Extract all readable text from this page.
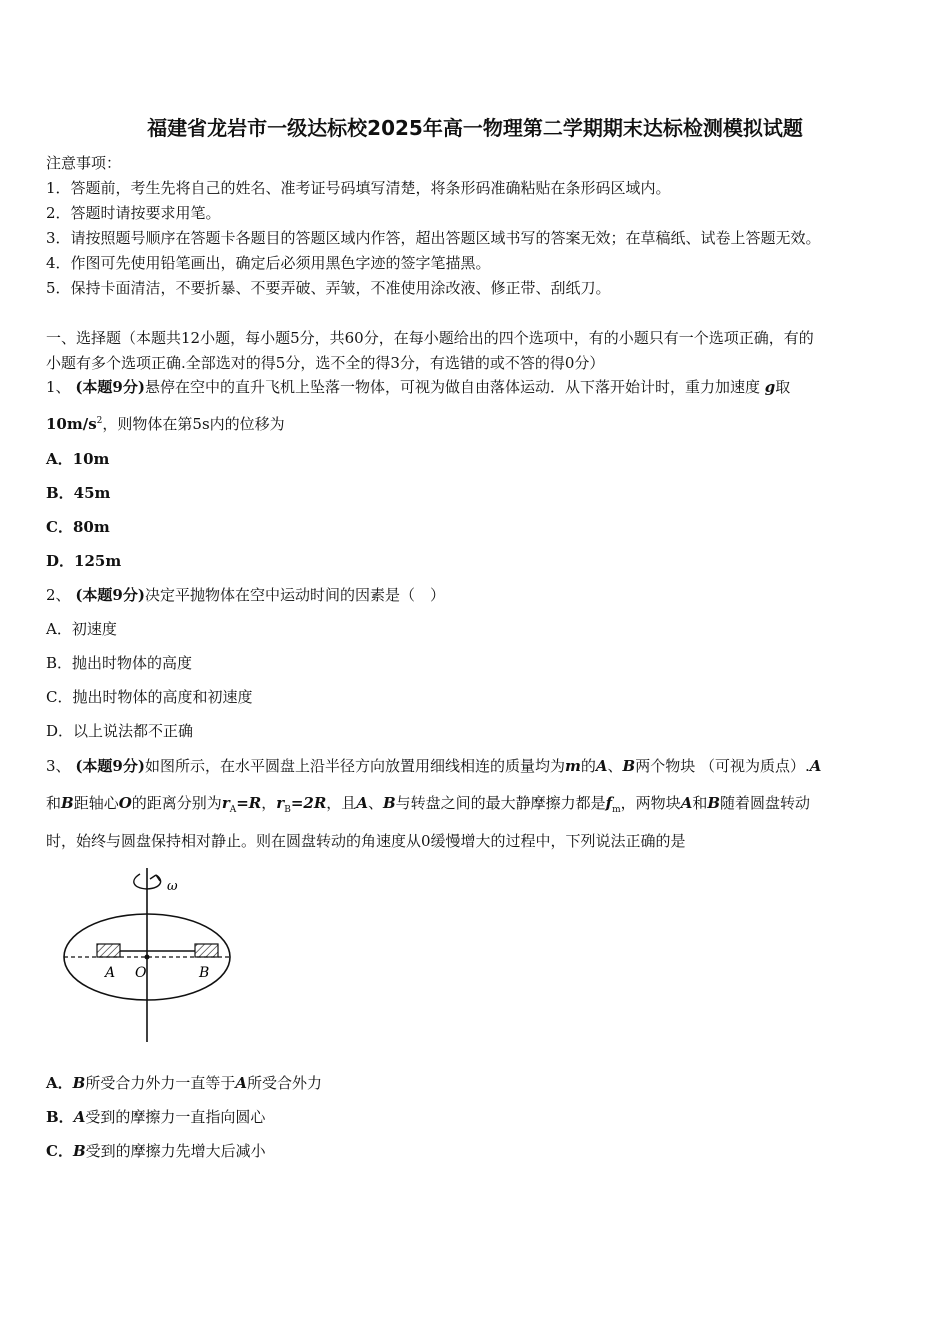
福建省龙岩市一级达标校2025年高一物理第二学期期末达标检测模拟试题
注意事项：
1．答题前，考生先将自己的姓名、准考证号码填写清楚，将条形码准确粘贴在条形码区域内。
2．答题时请按要求用笔。
3．请按照题号顺序在答题卡各题目的答题区域内作答，超出答题区域书写的答案无效；在草稿纸、试卷上答题无效。
4．作图可先使用铅笔画出，确定后必须用黑色字迹的签字笔描黑。
5．保持卡面清洁，不要折暴、不要弄破、弄皱，不准使用涂改液、修正带、刮纸刀。
一、选择题（本题共12小题，每小题5分，共60分，在每小题给出的四个选项中，有的小题只有一个选项正确，有的
小题有多个选项正确.全部选对的得5分，选不全的得3分，有选错的或不答的得0分）
1、 (本题9分)悬停在空中的直升飞机上坠落一物体，可视为做自由落体运动．从下落开始计时，重力加速度 g取
$10m/s^2$，则物体在第5s内的位移为
A．10m
B．45m
C．80m
D．125m
2、 (本题9分)决定平抛物体在空中运动时间的因素是（　）
A．初速度
B．抛出时物体的高度
C．抛出时物体的高度和初速度
D．以上说法都不正确
3、 (本题9分)如图所示，在水平圆盘上沿半径方向放置用细线相连的质量均为m的A、B两个物块 （可视为质点）.A
和B距轴心O的距离分别为$r_A=R$，$r_B=2R$，且A、B与转盘之间的最大静摩擦力都是$f_m$，两物块A和B随着圆盘转动
时，始终与圆盘保持相对静止。则在圆盘转动的角速度从0缓慢增大的过程中，下列说法正确的是
ω
A O	B
A．B所受合力外力一直等于A所受合外力
B．A受到的摩擦力一直指向圆心
C．B受到的摩擦力先增大后减小
